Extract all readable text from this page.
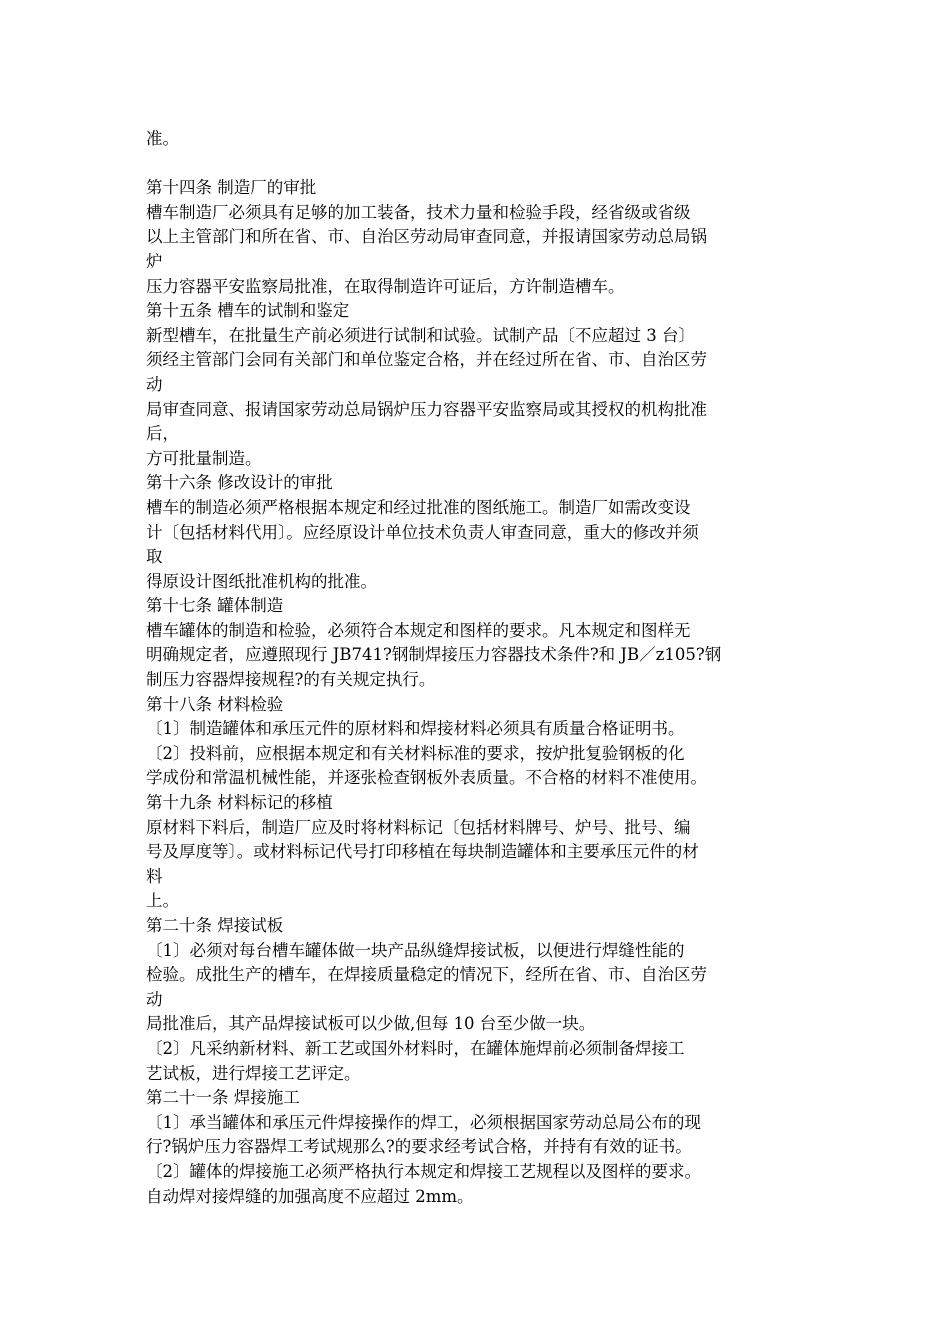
准。
第十四条 制造厂的审批
槽车制造厂必须具有足够的加工装备，技术力量和检验手段，经省级或省级
以上主管部门和所在省、市、自治区劳动局审查同意，并报请国家劳动总局锅
炉
压力容器平安监察局批准，在取得制造许可证后，方许制造槽车。
第十五条 槽车的试制和鉴定
新型槽车，在批量生产前必须进行试制和试验。试制产品〔不应超过 3 台〕
须经主管部门会同有关部门和单位鉴定合格，并在经过所在省、市、自治区劳
动
局审查同意、报请国家劳动总局锅炉压力容器平安监察局或其授权的机构批准
后，
方可批量制造。
第十六条 修改设计的审批
槽车的制造必须严格根据本规定和经过批准的图纸施工。制造厂如需改变设
计〔包括材料代用〕。应经原设计单位技术负责人审查同意，重大的修改并须
取
得原设计图纸批准机构的批准。
第十七条 罐体制造
槽车罐体的制造和检验，必须符合本规定和图样的要求。凡本规定和图样无
明确规定者，应遵照现行 JB741?钢制焊接压力容器技术条件?和 JB／z105?钢
制压力容器焊接规程?的有关规定执行。
第十八条 材料检验
〔1〕制造罐体和承压元件的原材料和焊接材料必须具有质量合格证明书。
〔2〕投料前，应根据本规定和有关材料标准的要求，按炉批复验钢板的化
学成份和常温机械性能，并逐张检查钢板外表质量。不合格的材料不准使用。
第十九条 材料标记的移植
原材料下料后，制造厂应及时将材料标记〔包括材料牌号、炉号、批号、编
号及厚度等〕。或材料标记代号打印移植在每块制造罐体和主要承压元件的材
料
上。
第二十条 焊接试板
〔1〕必须对每台槽车罐体做一块产品纵缝焊接试板，以便进行焊缝性能的
检验。成批生产的槽车，在焊接质量稳定的情况下，经所在省、市、自治区劳
动
局批准后，其产品焊接试板可以少做,但每 10 台至少做一块。
〔2〕凡采纳新材料、新工艺或国外材料时，在罐体施焊前必须制备焊接工
艺试板，进行焊接工艺评定。
第二十一条 焊接施工
〔1〕承当罐体和承压元件焊接操作的焊工，必须根据国家劳动总局公布的现
行?锅炉压力容器焊工考试规那么?的要求经考试合格，并持有有效的证书。
〔2〕罐体的焊接施工必须严格执行本规定和焊接工艺规程以及图样的要求。
自动焊对接焊缝的加强高度不应超过 2mm。
